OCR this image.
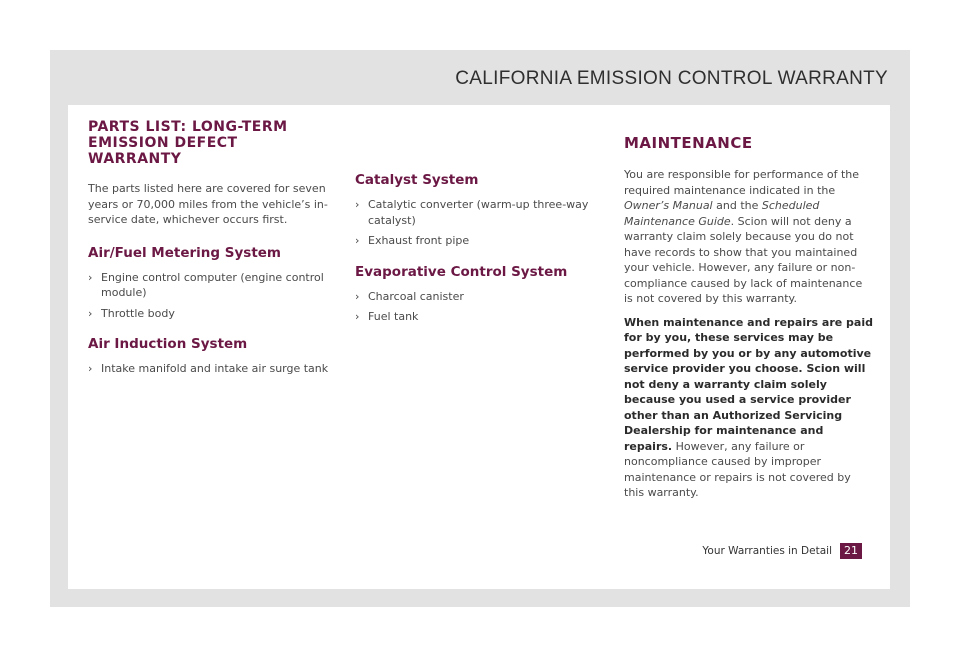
CALIFORNIA EMISSION CONTROL WARRANTY
PARTS LIST: LONG-TERM
EMISSION DEFECT WARRANTY

The parts listed here are covered for seven years or 70,000 miles from the vehicle’s in-service date, whichever occurs first.

Air/Fuel Metering System
› Engine control computer (engine control module)
› Throttle body
Air Induction System
› Intake manifold and intake air surge tank
Catalyst System
› Catalytic converter (warm-up three-way catalyst)
› Exhaust front pipe
Evaporative Control System
› Charcoal canister
› Fuel tank
MAINTENANCE

You are responsible for performance of the required maintenance indicated in the Owner’s Manual and the Scheduled Maintenance Guide. Scion will not deny a warranty claim solely because you do not have records to show that you maintained your vehicle. However, any failure or non-compliance caused by lack of maintenance is not covered by this warranty.

When maintenance and repairs are paid for by you, these services may be performed by you or by any automotive service provider you choose. Scion will not deny a warranty claim solely because you used a service provider other than an Authorized Servicing Dealership for maintenance and repairs. However, any failure or noncompliance caused by improper maintenance or repairs is not covered by this warranty.

Your Warranties in Detail	21
